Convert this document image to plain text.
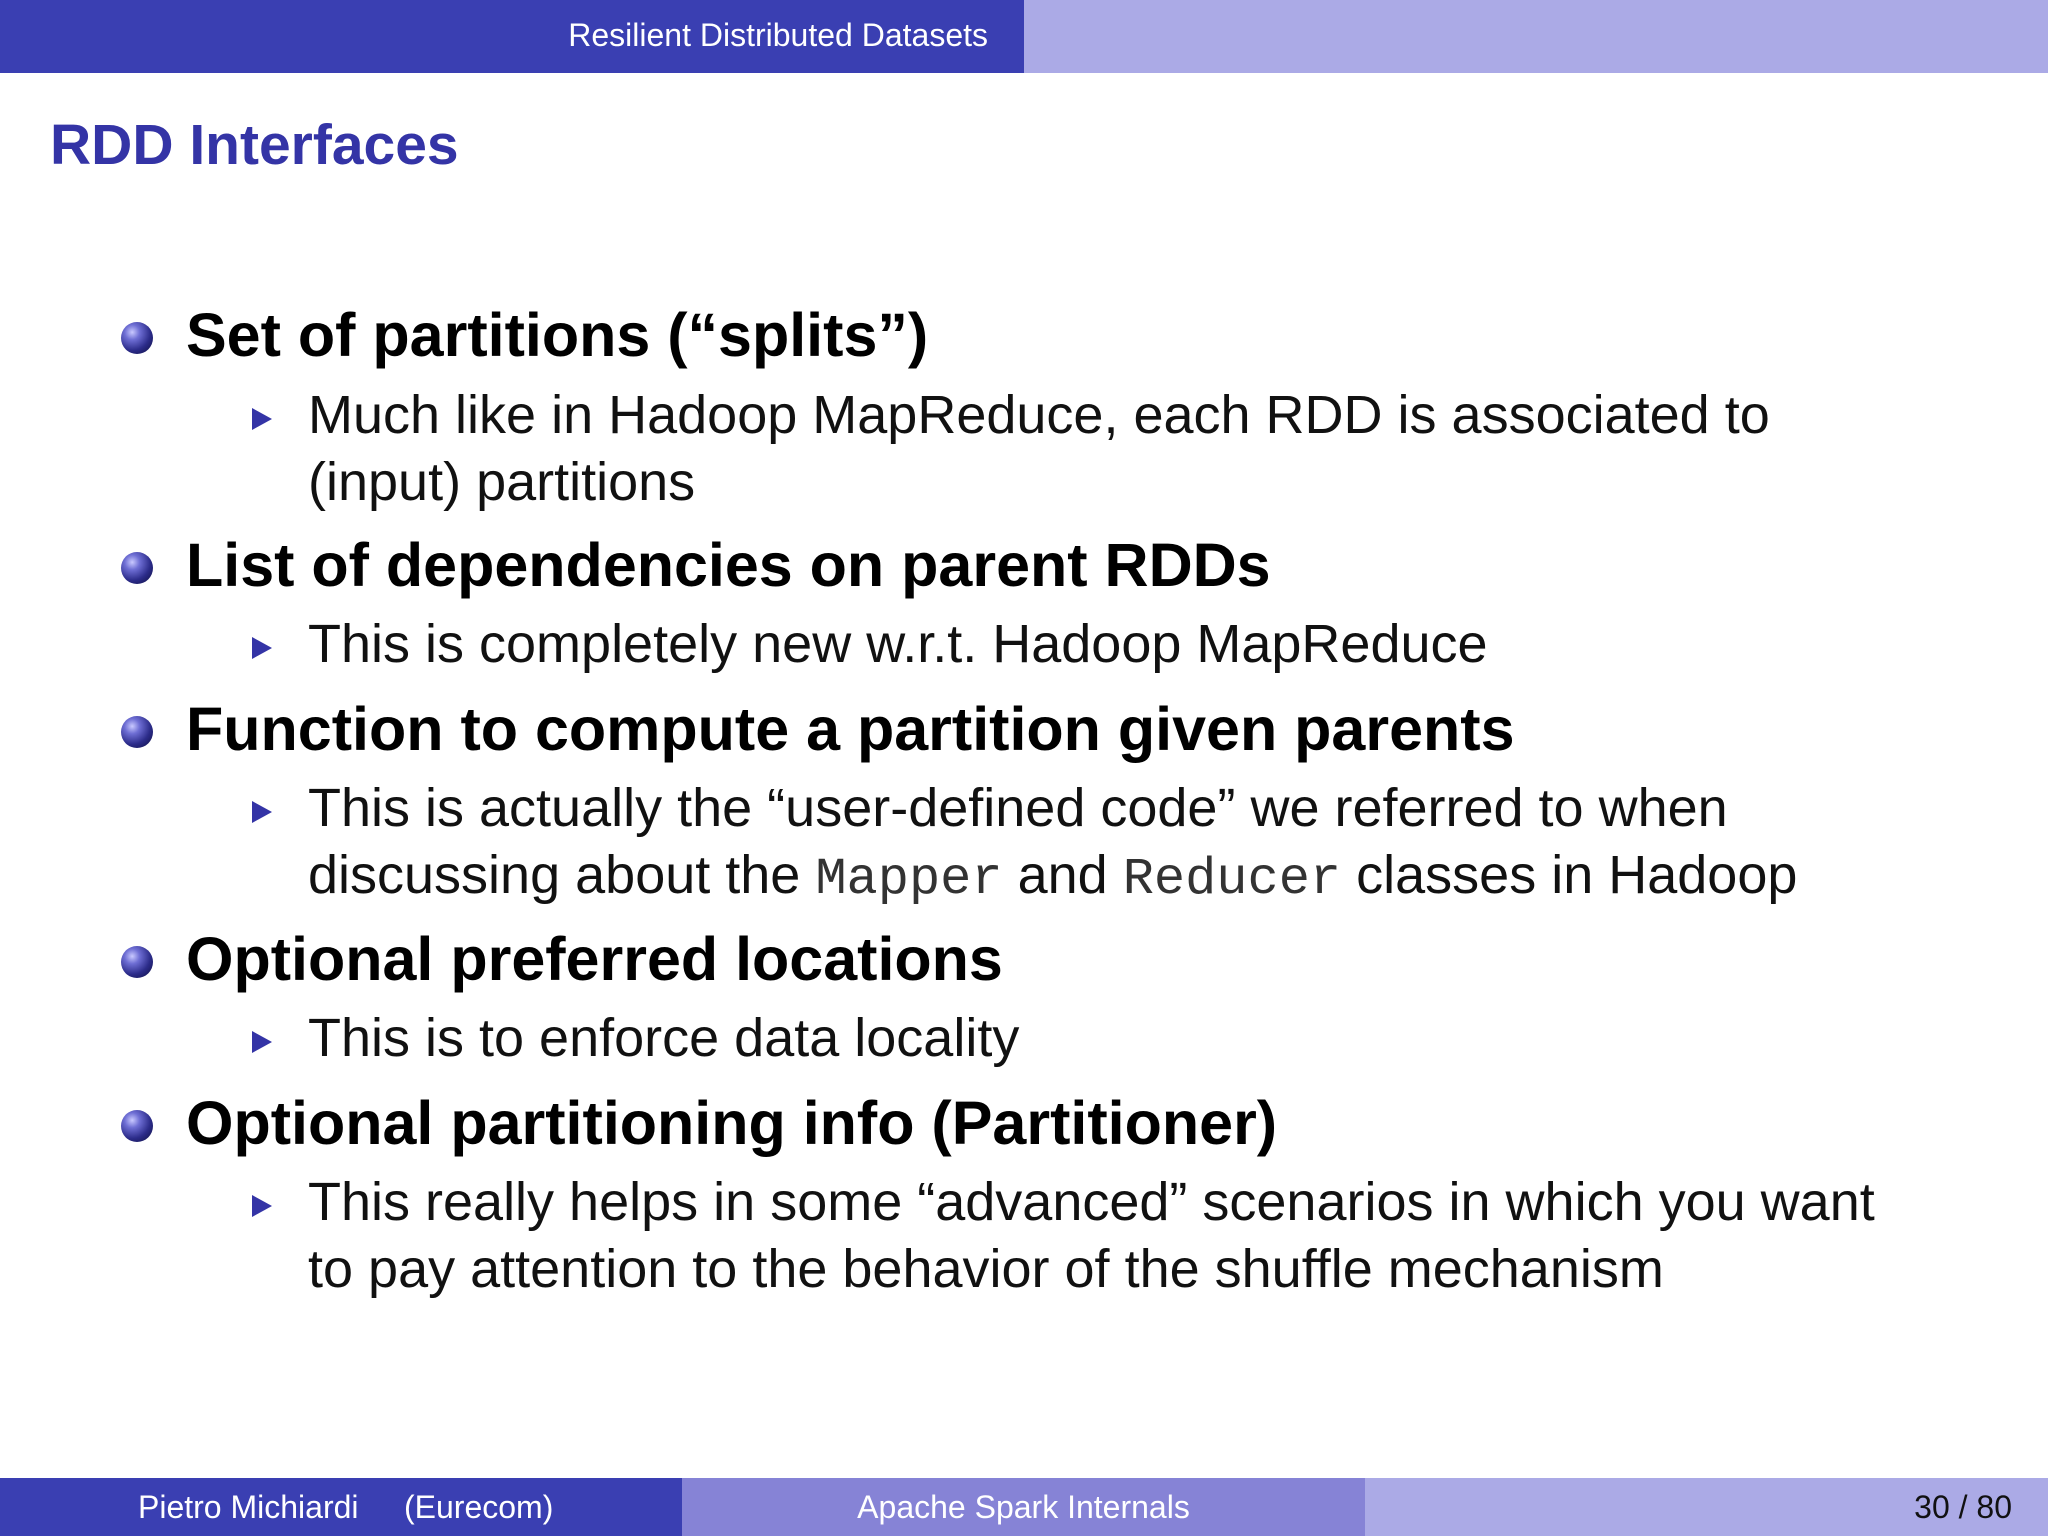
Resilient Distributed Datasets
RDD Interfaces
Set of partitions (“splits”)
Much like in Hadoop MapReduce, each RDD is associated to
(input) partitions
List of dependencies on parent RDDs
This is completely new w.r.t. Hadoop MapReduce
Function to compute a partition given parents
This is actually the “user-defined code” we referred to when
discussing about the Mapper and Reducer classes in Hadoop
Optional preferred locations
This is to enforce data locality
Optional partitioning info (Partitioner)
This really helps in some “advanced” scenarios in which you want
to pay attention to the behavior of the shuffle mechanism
Pietro Michiardi (Eurecom)	Apache Spark Internals	30 / 80
